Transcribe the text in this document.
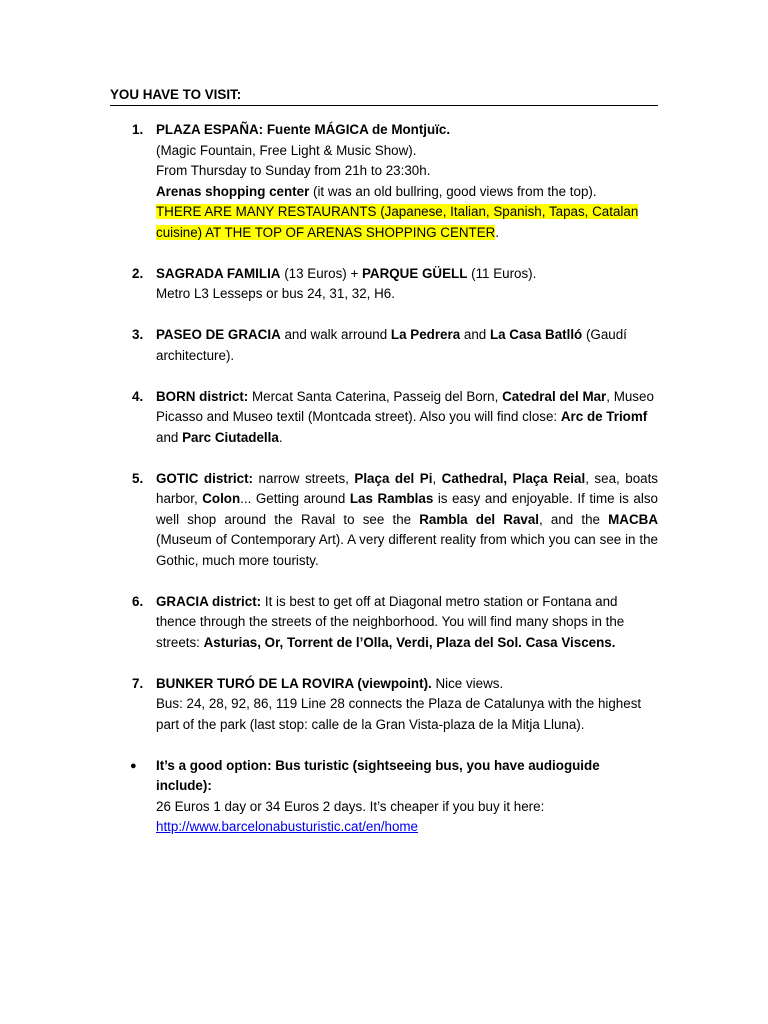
YOU HAVE TO VISIT:
1. PLAZA ESPAÑA: Fuente MÁGICA de Montjuïc.
(Magic Fountain, Free Light & Music Show).
From Thursday to Sunday from 21h to 23:30h.
Arenas shopping center (it was an old bullring, good views from the top).
THERE ARE MANY RESTAURANTS (Japanese, Italian, Spanish, Tapas, Catalan cuisine) AT THE TOP OF ARENAS SHOPPING CENTER.
2. SAGRADA FAMILIA (13 Euros) + PARQUE GÜELL (11 Euros).
Metro L3 Lesseps or bus 24, 31, 32, H6.
3. PASEO DE GRACIA and walk arround La Pedrera and La Casa Batlló (Gaudí architecture).
4. BORN district: Mercat Santa Caterina, Passeig del Born, Catedral del Mar, Museo Picasso and Museo textil (Montcada street). Also you will find close: Arc de Triomf and Parc Ciutadella.
5. GOTIC district: narrow streets, Plaça del Pi, Cathedral, Plaça Reial, sea, boats harbor, Colon... Getting around Las Ramblas is easy and enjoyable. If time is also well shop around the Raval to see the Rambla del Raval, and the MACBA (Museum of Contemporary Art). A very different reality from which you can see in the Gothic, much more touristy.
6. GRACIA district: It is best to get off at Diagonal metro station or Fontana and thence through the streets of the neighborhood. You will find many shops in the streets: Asturias, Or, Torrent de l’Olla, Verdi, Plaza del Sol. Casa Viscens.
7. BUNKER TURÓ DE LA ROVIRA (viewpoint). Nice views.
Bus: 24, 28, 92, 86, 119 Line 28 connects the Plaza de Catalunya with the highest part of the park (last stop: calle de la Gran Vista-plaza de la Mitja Lluna).
● It’s a good option: Bus turistic (sightseeing bus, you have audioguide include):
26 Euros 1 day or 34 Euros 2 days. It’s cheaper if you buy it here:
http://www.barcelonabusturistic.cat/en/home
